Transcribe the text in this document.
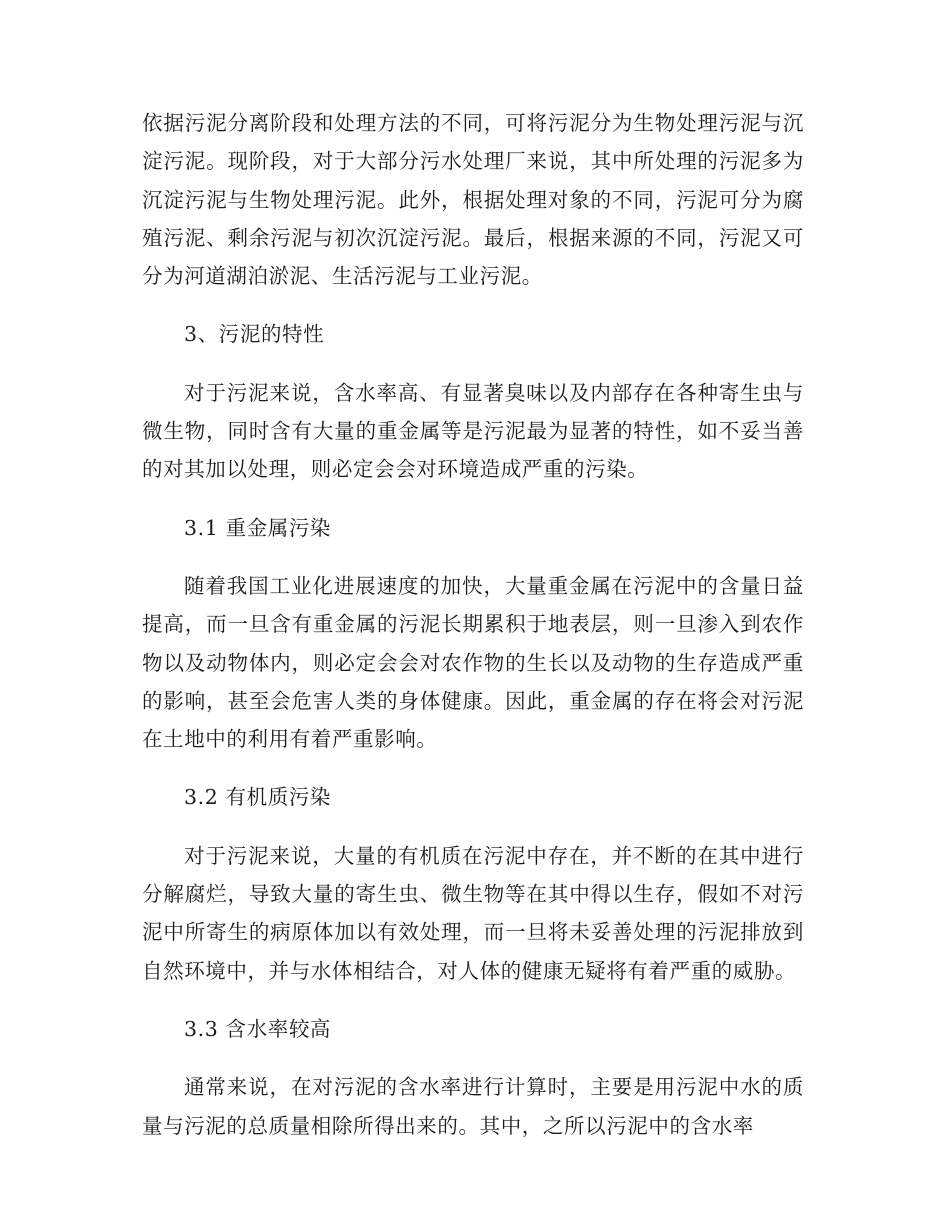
依据污泥分离阶段和处理方法的不同，可将污泥分为生物处理污泥与沉淀污泥。现阶段，对于大部分污水处理厂来说，其中所处理的污泥多为沉淀污泥与生物处理污泥。此外，根据处理对象的不同，污泥可分为腐殖污泥、剩余污泥与初次沉淀污泥。最后，根据来源的不同，污泥又可分为河道湖泊淤泥、生活污泥与工业污泥。

3、污泥的特性

对于污泥来说，含水率高、有显著臭味以及内部存在各种寄生虫与微生物，同时含有大量的重金属等是污泥最为显著的特性，如不妥当善的对其加以处理，则必定会会对环境造成严重的污染。

3.1 重金属污染

随着我国工业化进展速度的加快，大量重金属在污泥中的含量日益提高，而一旦含有重金属的污泥长期累积于地表层，则一旦渗入到农作物以及动物体内，则必定会会对农作物的生长以及动物的生存造成严重的影响，甚至会危害人类的身体健康。因此，重金属的存在将会对污泥在土地中的利用有着严重影响。

3.2 有机质污染

对于污泥来说，大量的有机质在污泥中存在，并不断的在其中进行分解腐烂，导致大量的寄生虫、微生物等在其中得以生存，假如不对污泥中所寄生的病原体加以有效处理，而一旦将未妥善处理的污泥排放到自然环境中，并与水体相结合，对人体的健康无疑将有着严重的威胁。

3.3 含水率较高

通常来说，在对污泥的含水率进行计算时，主要是用污泥中水的质量与污泥的总质量相除所得出来的。其中，之所以污泥中的含水率
